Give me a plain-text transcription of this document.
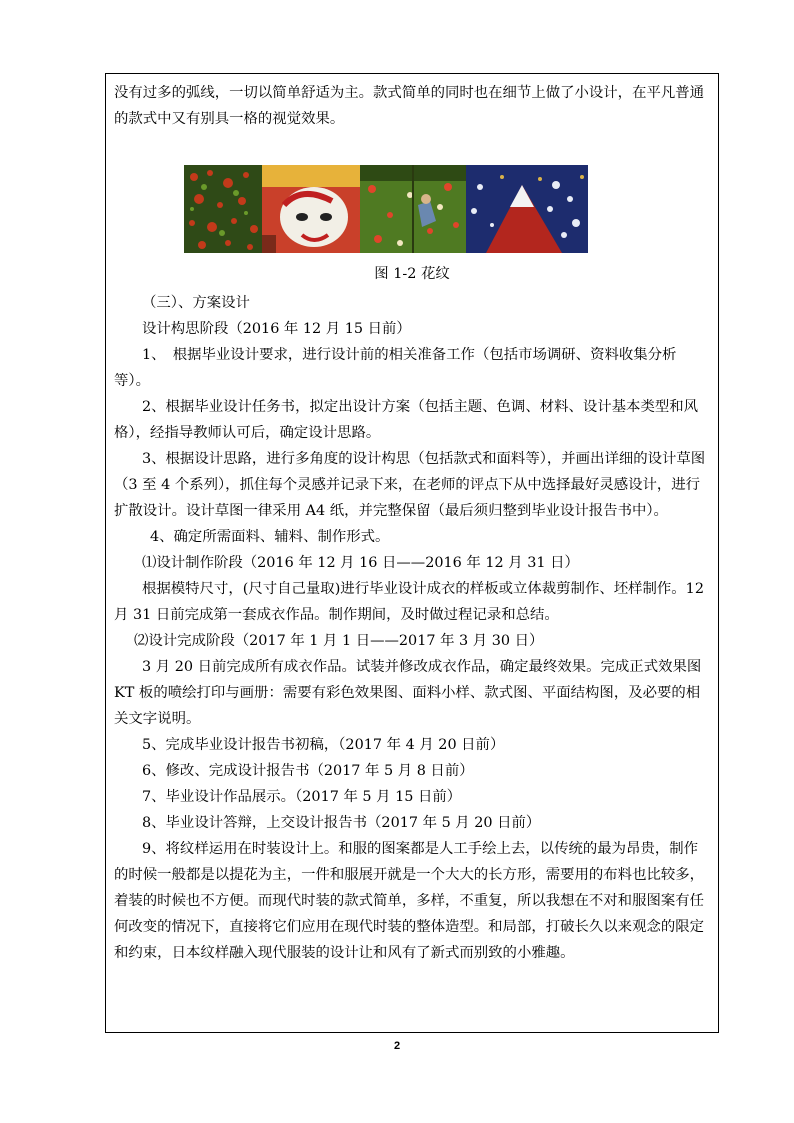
没有过多的弧线，一切以简单舒适为主。款式简单的同时也在细节上做了小设计，在平凡普通的款式中又有别具一格的视觉效果。

图 1-2 花纹

（三）、方案设计

设计构思阶段（2016 年 12 月 15 日前）

1、　根据毕业设计要求，进行设计前的相关准备工作（包括市场调研、资料收集分析等）。

2、根据毕业设计任务书，拟定出设计方案（包括主题、色调、材料、设计基本类型和风格），经指导教师认可后，确定设计思路。

3、根据设计思路，进行多角度的设计构思（包括款式和面料等），并画出详细的设计草图（3 至 4 个系列），抓住每个灵感并记录下来，在老师的评点下从中选择最好灵感设计，进行扩散设计。设计草图一律采用 A4 纸，并完整保留（最后须归整到毕业设计报告书中）。

4、确定所需面料、辅料、制作形式。

⑴设计制作阶段（2016 年 12 月 16 日——2016 年 12 月 31 日）

根据模特尺寸，(尺寸自己量取)进行毕业设计成衣的样板或立体裁剪制作、坯样制作。12 月 31 日前完成第一套成衣作品。制作期间，及时做过程记录和总结。

⑵设计完成阶段（2017 年 1 月 1 日——2017 年 3 月 30 日）

3 月 20 日前完成所有成衣作品。试装并修改成衣作品，确定最终效果。完成正式效果图 KT 板的喷绘打印与画册：需要有彩色效果图、面料小样、款式图、平面结构图，及必要的相关文字说明。

5、完成毕业设计报告书初稿，（2017 年 4 月 20 日前）

6、修改、完成设计报告书（2017 年 5 月 8 日前）

7、毕业设计作品展示。（2017 年 5 月 15 日前）

8、毕业设计答辩，上交设计报告书（2017 年 5 月 20 日前）

9、将纹样运用在时装设计上。和服的图案都是人工手绘上去，以传统的最为昂贵，制作的时候一般都是以提花为主，一件和服展开就是一个大大的长方形，需要用的布料也比较多，着装的时候也不方便。而现代时装的款式简单，多样，不重复，所以我想在不对和服图案有任何改变的情况下，直接将它们应用在现代时装的整体造型。和局部，打破长久以来观念的限定和约束，日本纹样融入现代服装的设计让和风有了新式而别致的小雅趣。

2
